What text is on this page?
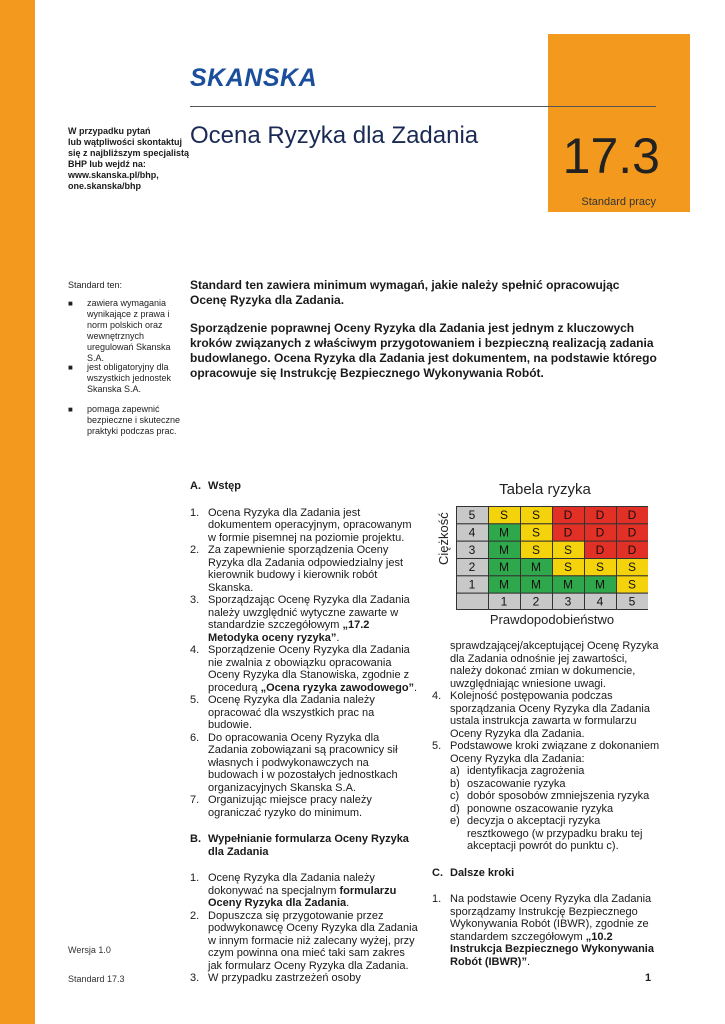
17.3
Standard pracy
SKANSKA
W przypadku pytań
lub wątpliwości skontaktuj
się z najbliższym specjalistą
BHP lub wejdź na:
www.skanska.pl/bhp,
one.skanska/bhp
Ocena Ryzyka dla Zadania
Standard ten:
■ zawiera wymagania wynikające z prawa i norm polskich oraz wewnętrznych uregulowań Skanska S.A.
■ jest obligatoryjny dla wszystkich jednostek Skanska S.A.
■ pomaga zapewnić bezpieczne i skuteczne praktyki podczas prac.

Standard ten zawiera minimum wymagań, jakie należy spełnić opracowując Ocenę Ryzyka dla Zadania.

Sporządzenie poprawnej Oceny Ryzyka dla Zadania jest jednym z kluczowych kroków związanych z właściwym przygotowaniem i bezpieczną realizacją zadania budowlanego. Ocena Ryzyka dla Zadania jest dokumentem, na podstawie którego opracowuje się Instrukcję Bezpiecznego Wykonywania Robót.

A. Wstęp

1. Ocena Ryzyka dla Zadania jest dokumentem operacyjnym, opracowanym w formie pisemnej na poziomie projektu.
2. Za zapewnienie sporządzenia Oceny Ryzyka dla Zadania odpowiedzialny jest kierownik budowy i kierownik robót Skanska.
3. Sporządzając Ocenę Ryzyka dla Zadania należy uwzględnić wytyczne zawarte w standardzie szczegółowym „17.2 Metodyka oceny ryzyka”.
4. Sporządzenie Oceny Ryzyka dla Zadania nie zwalnia z obowiązku opracowania Oceny Ryzyka dla Stanowiska, zgodnie z procedurą „Ocena ryzyka zawodowego”.
5. Ocenę Ryzyka dla Zadania należy opracować dla wszystkich prac na budowie.
6. Do opracowania Oceny Ryzyka dla Zadania zobowiązani są pracownicy sił własnych i podwykonawczych na budowach i w pozostałych jednostkach organizacyjnych Skanska S.A.
7. Organizując miejsce pracy należy ograniczać ryzyko do minimum.

B. Wypełnianie formularza Oceny Ryzyka dla Zadania

1. Ocenę Ryzyka dla Zadania należy dokonywać na specjalnym formularzu Oceny Ryzyka dla Zadania.
2. Dopuszcza się przygotowanie przez podwykonawcę Oceny Ryzyka dla Zadania w innym formacie niż zalecany wyżej, przy czym powinna ona mieć taki sam zakres jak formularz Oceny Ryzyka dla Zadania.
3. W przypadku zastrzeżeń osoby
Tabela ryzyka
Ciężkość 5 S S D D D
4 M S D D D
3 M S S D D
2 M M S S S
1 M M M M S
1 2 3 4 5
Prawdopodobieństwo
sprawdzającej/akceptującej Ocenę Ryzyka dla Zadania odnośnie jej zawartości, należy dokonać zmian w dokumencie, uwzględniając wniesione uwagi.
4. Kolejność postępowania podczas sporządzania Oceny Ryzyka dla Zadania ustala instrukcja zawarta w formularzu Oceny Ryzyka dla Zadania.
5. Podstawowe kroki związane z dokonaniem Oceny Ryzyka dla Zadania:
a) identyfikacja zagrożenia
b) oszacowanie ryzyka
c) dobór sposobów zmniejszenia ryzyka
d) ponowne oszacowanie ryzyka
e) decyzja o akceptacji ryzyka resztkowego (w przypadku braku tej akceptacji powrót do punktu c).

C. Dalsze kroki

1. Na podstawie Oceny Ryzyka dla Zadania sporządzamy Instrukcję Bezpiecznego Wykonywania Robót (IBWR), zgodnie ze standardem szczegółowym „10.2 Instrukcja Bezpiecznego Wykonywania Robót (IBWR)”.
Wersja 1.0
Standard 17.3	1
